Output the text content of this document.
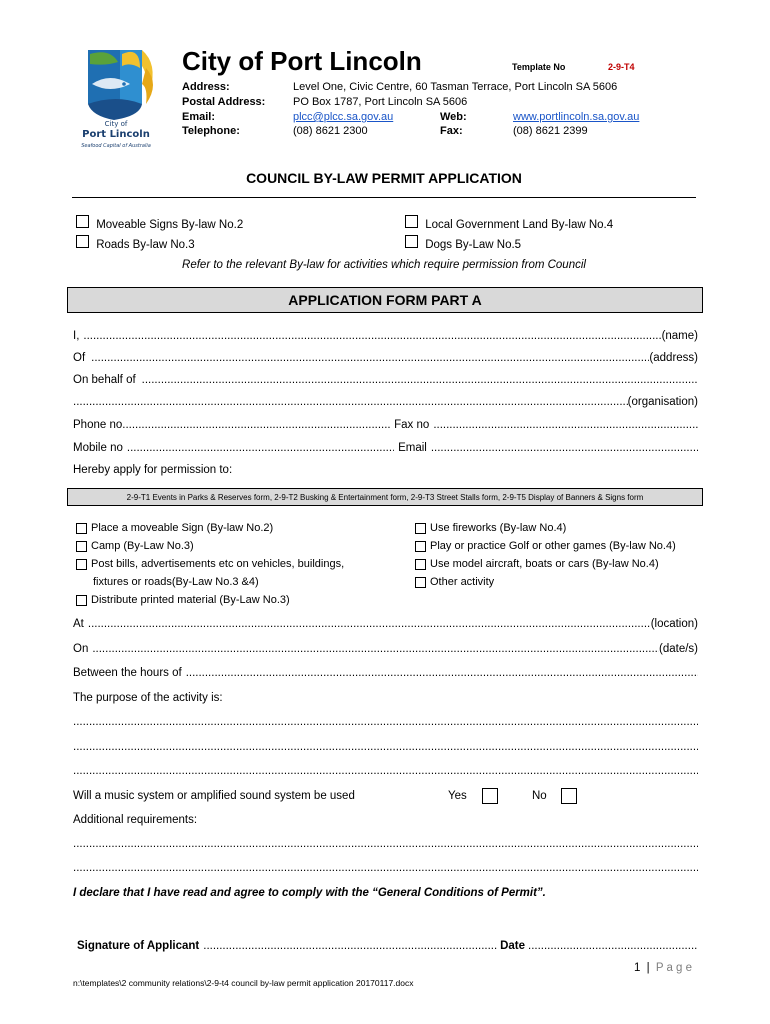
City of
Port Lincoln
Seafood Capital of Australia
City of Port Lincoln	Template No	2-9-T4
Address:	Level One, Civic Centre, 60 Tasman Terrace, Port Lincoln SA 5606
Postal Address:	PO Box 1787, Port Lincoln SA 5606
Email:	plcc@plcc.sa.gov.au	Web:	www.portlincoln.sa.gov.au
Telephone:	(08) 8621 2300	Fax:	(08) 8621 2399
COUNCIL BY-LAW PERMIT APPLICATION
Moveable Signs By-law No.2	Local Government Land By-law No.4
Roads By-law No.3	Dogs By-Law No.5
Refer to the relevant By-law for activities which require permission from Council
APPLICATION FORM PART A
I, .....	(name)
Of .....	(address)
On behalf of
.....
.....
(organisation)
Phone no. .....	Fax no
.....
Mobile no .....	Email
.....
Hereby apply for permission to:
2-9-T1 Events in Parks & Reserves form, 2-9-T2 Busking & Entertainment form, 2-9-T3 Street Stalls form, 2-9-T5 Display of Banners & Signs form
Place a moveable Sign (By-law No.2)
Camp (By-Law No.3)
Post bills, advertisements etc on vehicles, buildings,
fixtures or roads(By-Law No.3 &4)
Distribute printed material (By-Law No.3)
Use fireworks (By-law No.4)
Play or practice Golf or other games (By-law No.4)
Use model aircraft, boats or cars (By-law No.4)
Other activity
At .....	(location)
On .....	(date/s)
Between the hours of
.....
The purpose of the activity is:
.....
.....
.....
Will a music system or amplified sound system be used	Yes	No
Additional requirements:
.....
.....
I declare that I have read and agree to comply with the “General Conditions of Permit”.
Signature of Applicant .....	Date
.....
1 | P a g e
n:\templates\2 community relations\2-9-t4 council by-law permit application 20170117.docx
